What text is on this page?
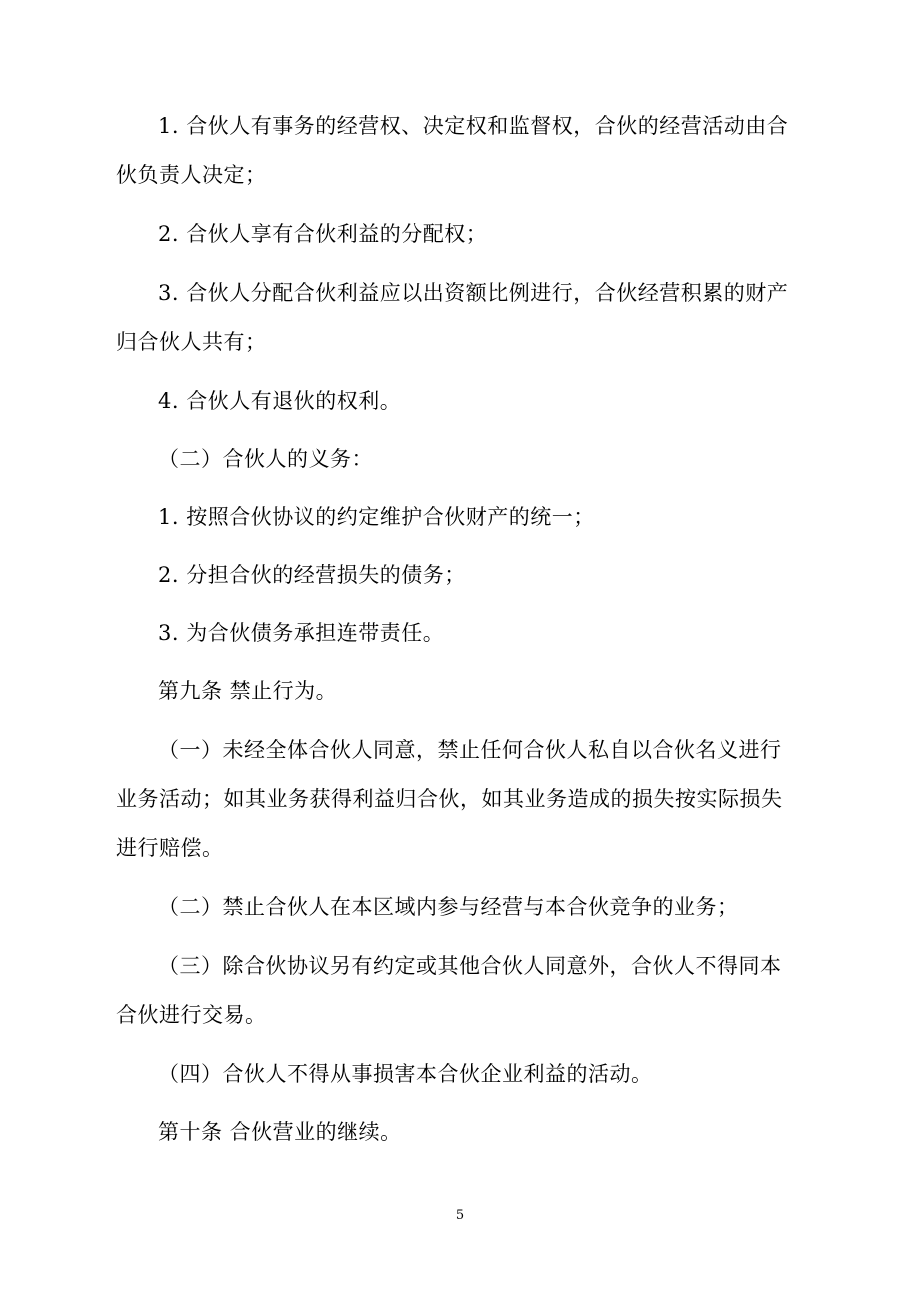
1. 合伙人有事务的经营权、决定权和监督权，合伙的经营活动由合
伙负责人决定；
2. 合伙人享有合伙利益的分配权；
3. 合伙人分配合伙利益应以出资额比例进行，合伙经营积累的财产
归合伙人共有；
4. 合伙人有退伙的权利。
（二）合伙人的义务：
1. 按照合伙协议的约定维护合伙财产的统一；
2. 分担合伙的经营损失的债务；
3. 为合伙债务承担连带责任。
第九条 禁止行为。
（一）未经全体合伙人同意，禁止任何合伙人私自以合伙名义进行
业务活动；如其业务获得利益归合伙，如其业务造成的损失按实际损失
进行赔偿。
（二）禁止合伙人在本区域内参与经营与本合伙竞争的业务；
（三）除合伙协议另有约定或其他合伙人同意外，合伙人不得同本
合伙进行交易。
（四）合伙人不得从事损害本合伙企业利益的活动。
第十条 合伙营业的继续。
5
